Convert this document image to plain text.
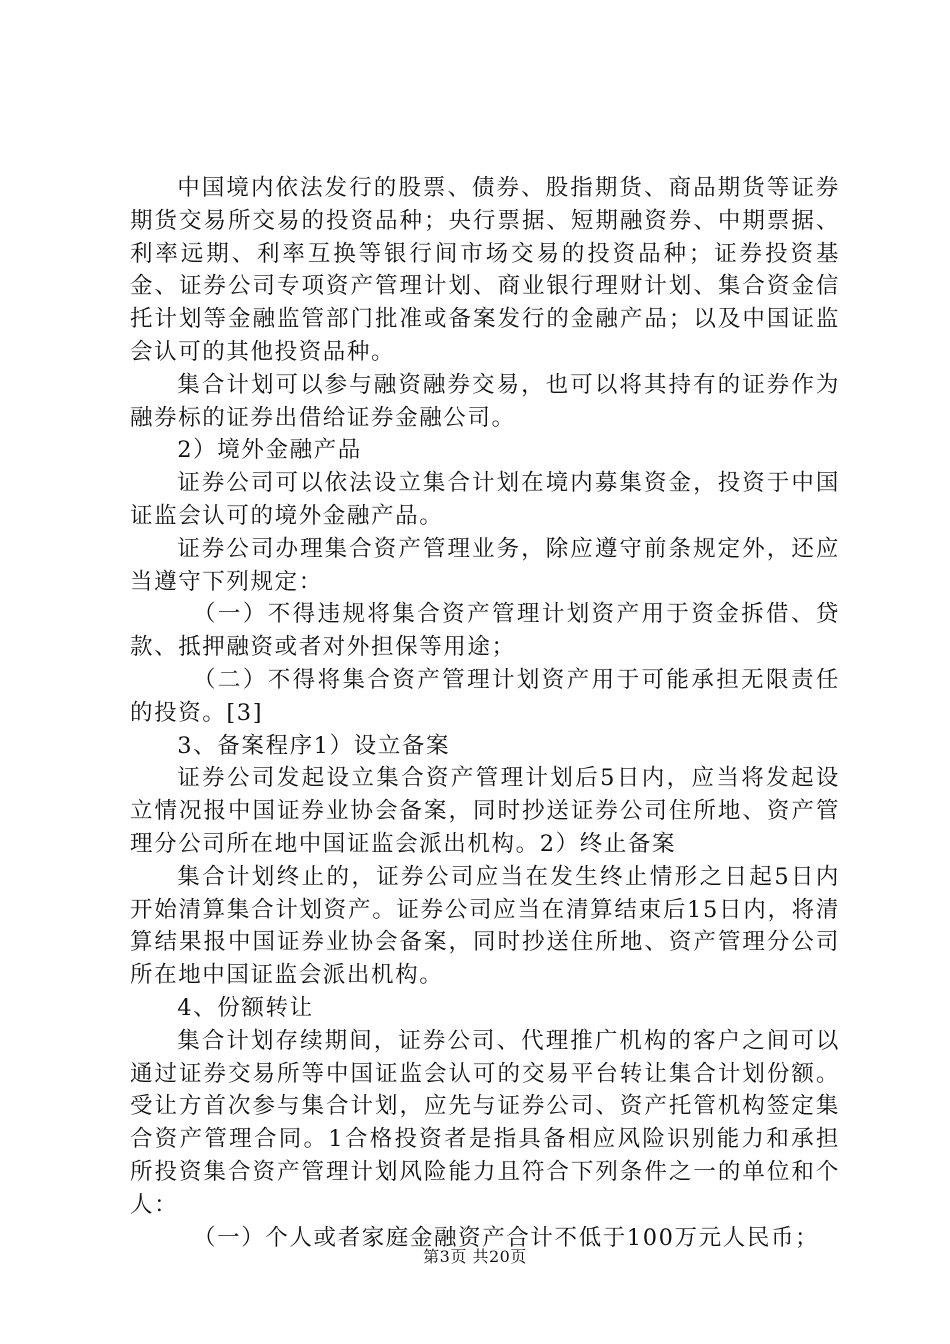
中国境内依法发行的股票、债券、股指期货、商品期货等证券期货交易所交易的投资品种；央行票据、短期融资券、中期票据、利率远期、利率互换等银行间市场交易的投资品种；证券投资基金、证券公司专项资产管理计划、商业银行理财计划、集合资金信托计划等金融监管部门批准或备案发行的金融产品；以及中国证监会认可的其他投资品种。

集合计划可以参与融资融券交易，也可以将其持有的证券作为融券标的证券出借给证券金融公司。

2）境外金融产品

证券公司可以依法设立集合计划在境内募集资金，投资于中国证监会认可的境外金融产品。

证券公司办理集合资产管理业务，除应遵守前条规定外，还应当遵守下列规定：

（一）不得违规将集合资产管理计划资产用于资金拆借、贷款、抵押融资或者对外担保等用途；

（二）不得将集合资产管理计划资产用于可能承担无限责任的投资。[3]

3、备案程序1）设立备案

证券公司发起设立集合资产管理计划后5日内，应当将发起设立情况报中国证券业协会备案，同时抄送证券公司住所地、资产管理分公司所在地中国证监会派出机构。2）终止备案

集合计划终止的，证券公司应当在发生终止情形之日起5日内开始清算集合计划资产。证券公司应当在清算结束后15日内，将清算结果报中国证券业协会备案，同时抄送住所地、资产管理分公司所在地中国证监会派出机构。

4、份额转让

集合计划存续期间，证券公司、代理推广机构的客户之间可以通过证券交易所等中国证监会认可的交易平台转让集合计划份额。受让方首次参与集合计划，应先与证券公司、资产托管机构签定集合资产管理合同。1合格投资者是指具备相应风险识别能力和承担所投资集合资产管理计划风险能力且符合下列条件之一的单位和个人：

（一）个人或者家庭金融资产合计不低于100万元人民币；

第3页 共20页
